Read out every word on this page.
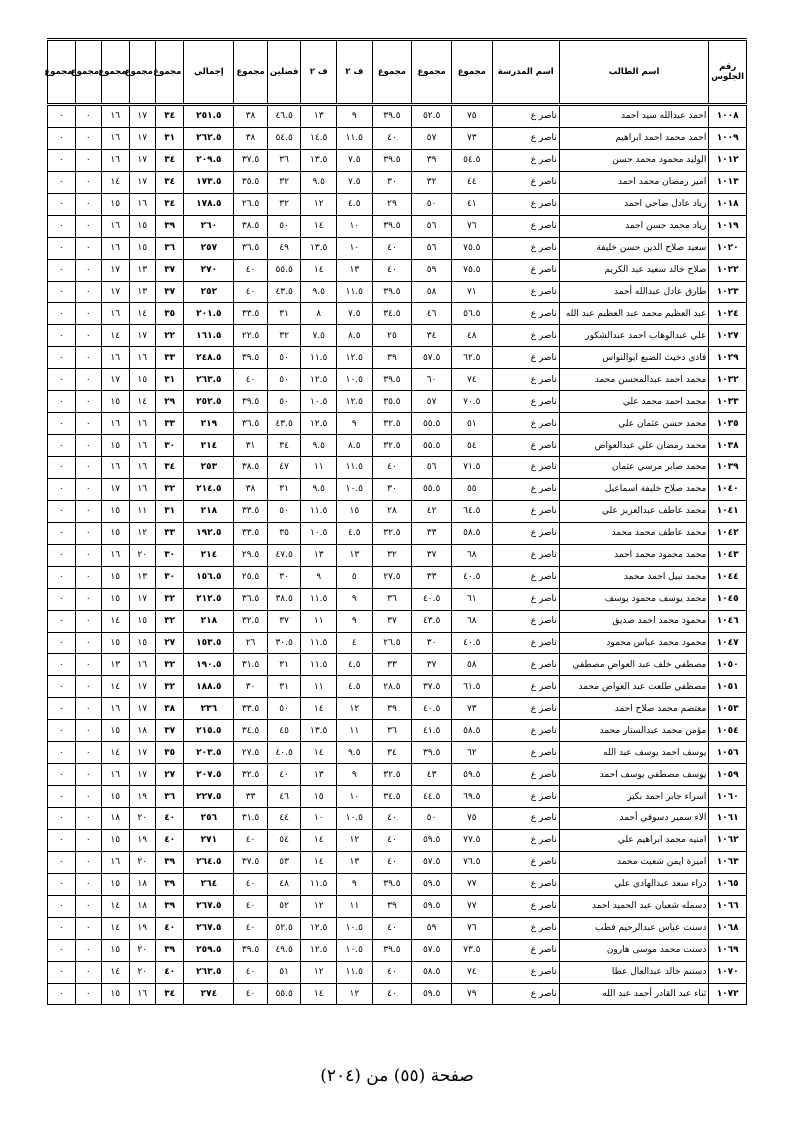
رقم الجلوس	اسم الطالب	اسم المدرسة	مجموع	مجموع	مجموع	ف ٢	ف ٢	فصلين	مجموع	إجمالي	مجموع	مجموع	مجموع	مجموع	مجموع
١٠٠٨	احمد عبدالله سيد احمد	ناصر ع	٧٥	٥٢.٥	٣٩.٥	٩	١٣	٤٦.٥	٣٨	٢٥١.٥	٣٤	١٧	١٦	٠	٠
١٠٠٩	احمد محمد احمد ابراهيم	ناصر ع	٧٣	٥٧	٤٠	١١.٥	١٤.٥	٥٤.٥	٣٨	٢٦٢.٥	٣١	١٧	١٦	٠	٠
١٠١٢	الوليد محمود محمد حسن	ناصر ع	٥٤.٥	٣٩	٣٩.٥	٧.٥	١٣.٥	٣٦	٣٧.٥	٢٠٩.٥	٣٤	١٧	١٦	٠	٠
١٠١٣	امير رمضان محمد احمد	ناصر ع	٤٤	٣٢	٣٠	٧.٥	٩.٥	٣٢	٣٥.٥	١٧٣.٥	٣٤	١٧	١٤	٠	٠
١٠١٨	رياد عادل ضاحي احمد	ناصر ع	٤١	٥٠	٢٩	٤.٥	١٢	٣٢	٢٦.٥	١٧٨.٥	٣٤	١٦	١٥	٠	٠
١٠١٩	رياد محمد حسن احمد	ناصر ع	٧٦	٥٦	٣٩.٥	١٠	١٤	٥٠	٣٨.٥	٢٦٠	٣٩	١٥	١٦	٠	٠
١٠٢٠	سعيد صلاح الدين حسن خليفة	ناصر ع	٧٥.٥	٥٦	٤٠	١٠	١٣.٥	٤٩	٣٦.٥	٢٥٧	٣٦	١٥	١٦	٠	٠
١٠٢٢	صلاح خالد سعيد عبد الكريم	ناصر ع	٧٥.٥	٥٩	٤٠	١٣	١٤	٥٥.٥	٤٠	٢٧٠	٣٧	١٣	١٧	٠	٠
١٠٢٣	طارق عادل عبدالله أحمد	ناصر ع	٧١	٥٨	٣٩.٥	١١.٥	٩.٥	٤٣.٥	٤٠	٢٥٢	٣٧	١٣	١٧	٠	٠
١٠٢٤	عبد العظيم محمد عبد العظيم عبد الله	ناصر ع	٥٦.٥	٤٦	٣٤.٥	٧.٥	٨	٣١	٣٣.٥	٢٠١.٥	٣٥	١٤	١٦	٠	٠
١٠٢٧	علي عبدالوهاب احمد عبدالشكور	ناصر ع	٤٨	٣٤	٢٥	٨.٥	٧.٥	٣٢	٢٢.٥	١٦١.٥	٢٢	١٧	١٤	٠	٠
١٠٢٩	فادي دخيث الضبع ابوالنواس	ناصر ع	٦٢.٥	٥٧.٥	٣٩	١٢.٥	١١.٥	٥٠	٣٩.٥	٢٤٨.٥	٣٣	١٦	١٦	٠	٠
١٠٣٢	محمد احمد عبدالمحسن محمد	ناصر ع	٧٤	٦٠	٣٩.٥	١٠.٥	١٢.٥	٥٠	٤٠	٢٦٣.٥	٣١	١٥	١٧	٠	٠
١٠٣٣	محمد احمد محمد علي	ناصر ع	٧٠.٥	٥٧	٣٥.٥	١٢.٥	١٠.٥	٥٠	٣٩.٥	٢٥٢.٥	٢٩	١٤	١٥	٠	٠
١٠٣٥	محمد حسن عثمان علي	ناصر ع	٥١	٥٥.٥	٣٢.٥	٩	١٢.٥	٤٣.٥	٣٦.٥	٢١٩	٣٣	١٦	١٦	٠	٠
١٠٣٨	محمد رمضان علي عبدالعواض	ناصر ع	٥٤	٥٥.٥	٣٢.٥	٨.٥	٩.٥	٣٤	٣١	٢١٤	٣٠	١٦	١٥	٠	٠
١٠٣٩	محمد صابر مرسي عثمان	ناصر ع	٧١.٥	٥٦	٤٠	١١.٥	١١	٤٧	٣٨.٥	٢٥٣	٣٤	١٦	١٦	٠	٠
١٠٤٠	محمد صلاح خليفة اسماعيل	ناصر ع	٥٥	٥٥.٥	٣٠	١٠.٥	٩.٥	٣١	٣٨	٢١٤.٥	٣٢	١٦	١٧	٠	٠
١٠٤١	محمد عاطف عبدالعزيز علي	ناصر ع	٦٤.٥	٤٢	٢٨	١٥	١١.٥	٥٠	٣٣.٥	٢١٨	٣١	١١	١٥	٠	٠
١٠٤٢	محمد عاطف محمد محمد	ناصر ع	٥٨.٥	٣٣	٣٢.٥	٤.٥	١٠.٥	٣٥	٣٣.٥	١٩٢.٥	٣٣	١٢	١٥	٠	٠
١٠٤٣	محمد محمود محمد احمد	ناصر ع	٦٨	٣٧	٣٢	١٣	١٣	٤٧.٥	٢٩.٥	٢١٤	٣٠	٢٠	١٦	٠	٠
١٠٤٤	محمد نبيل احمد محمد	ناصر ع	٤٠.٥	٣٣	٢٧.٥	٥	٩	٣٠	٢٥.٥	١٥٦.٥	٣٠	١٣	١٥	٠	٠
١٠٤٥	محمد يوسف محمود يوسف	ناصر ع	٦١	٤٠.٥	٣٦	٩	١١.٥	٣٨.٥	٣٦.٥	٢١٢.٥	٣٢	١٧	١٥	٠	٠
١٠٤٦	محمود محمد احمد صديق	ناصر ع	٦٨	٤٣.٥	٣٧	٩	١١	٣٧	٣٢.٥	٢١٨	٣٢	١٥	١٤	٠	٠
١٠٤٧	محمود محمد عباس محمود	ناصر ع	٤٠.٥	٣٠	٢٦.٥	٤	١١.٥	٣٠.٥	٢٦	١٥٣.٥	٢٧	١٥	١٥	٠	٠
١٠٥٠	مصطفي خلف عبد العواض مصطفي	ناصر ع	٥٨	٣٧	٣٣	٤.٥	١١.٥	٣١	٣١.٥	١٩٠.٥	٣٢	١٦	١٣	٠	٠
١٠٥١	مصطفي طلعت عبد العواض محمد	ناصر ع	٦١.٥	٣٧.٥	٢٨.٥	٤.٥	١١	٣١	٣٠	١٨٨.٥	٣٢	١٧	١٤	٠	٠
١٠٥٣	معتصم محمد صلاح احمد	ناصر ع	٧٣	٤٠.٥	٣٩	١٢	١٤	٥٠	٣٣.٥	٢٣٦	٣٨	١٧	١٦	٠	٠
١٠٥٤	مؤمن محمد عبدالستار محمد	ناصر ع	٥٨.٥	٤١.٥	٣٦	١١	١٣.٥	٤٥	٣٤.٥	٢١٥.٥	٣٧	١٨	١٥	٠	٠
١٠٥٦	يوسف احمد يوسف عبد الله	ناصر ع	٦٢	٣٩.٥	٣٤	٩.٥	١٤	٤٠.٥	٢٧.٥	٢٠٣.٥	٣٥	١٧	١٤	٠	٠
١٠٥٩	يوسف مصطفي يوسف احمد	ناصر ع	٥٩.٥	٤٣	٣٢.٥	٩	١٣	٤٠	٣٢.٥	٢٠٧.٥	٢٧	١٧	١٦	٠	٠
١٠٦٠	اسراء جابر احمد بكير	ناصر ع	٦٩.٥	٤٤.٥	٣٤.٥	١٠	١٥	٤٦	٣٣	٢٢٧.٥	٣٦	١٩	١٥	٠	٠
١٠٦١	الاء سمير دسوقي أحمد	ناصر ع	٧٥	٥٠	٤٠	١٠.٥	١٠	٤٤	٣١.٥	٢٥٦	٤٠	٢٠	١٨	٠	٠
١٠٦٢	امنيه محمد ابراهيم علي	ناصر ع	٧٧.٥	٥٩.٥	٤٠	١٢	١٤	٥٤	٤٠	٢٧١	٤٠	١٩	١٥	٠	٠
١٠٦٣	اميرة ايمن شعبت محمد	ناصر ع	٧٦.٥	٥٧.٥	٤٠	١٣	١٤	٥٣	٣٧.٥	٢٦٤.٥	٣٩	٢٠	١٦	٠	٠
١٠٦٥	دراء سعد عبدالهادي علي	ناصر ع	٧٧	٥٩.٥	٣٩.٥	٩	١١.٥	٤٨	٤٠	٢٦٤	٣٩	١٨	١٥	٠	٠
١٠٦٦	دسمله شعبان عبد الحميد احمد	ناصر ع	٧٧	٥٩.٥	٣٩	١١	١٢	٥٢	٤٠	٢٦٧.٥	٣٩	١٨	١٤	٠	٠
١٠٦٨	دسنت عباس عبدالرحيم قطب	ناصر ع	٧٦	٥٩	٤٠	١٠.٥	١٢.٥	٥٢.٥	٤٠	٢٦٧.٥	٤٠	١٩	١٤	٠	٠
١٠٦٩	دسنت محمد موسى هارون	ناصر ع	٧٣.٥	٥٧.٥	٣٩.٥	١٠.٥	١٢.٥	٤٩.٥	٣٩.٥	٢٥٩.٥	٣٩	٢٠	١٥	٠	٠
١٠٧٠	دستنم خالد عبدالعال عطا	ناصر ع	٧٤	٥٨.٥	٤٠	١١.٥	١٢	٥١	٤٠	٢٦٣.٥	٤٠	٢٠	١٤	٠	٠
١٠٧٢	ثناء عبد القادر أحمد عبد الله	ناصر ع	٧٩	٥٩.٥	٤٠	١٢	١٤	٥٥.٥	٤٠	٢٧٤	٣٤	١٦	١٥	٠	٠
صفحة (٥٥) من (٢٠٤)
